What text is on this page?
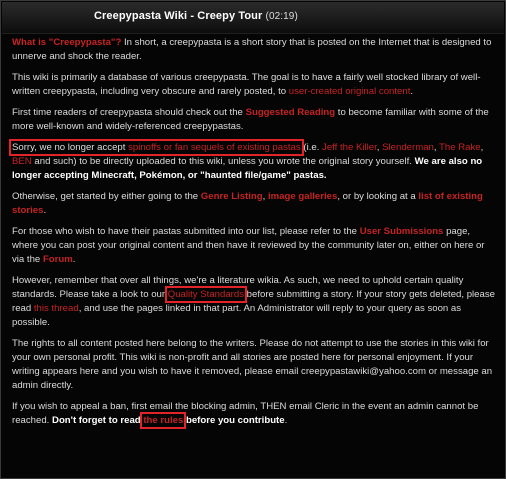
Creepypasta Wiki - Creepy Tour (02:19)

What is "Creepypasta"? In short, a creepypasta is a short story that is posted on the Internet that is designed to unnerve and shock the reader.

This wiki is primarily a database of various creepypasta. The goal is to have a fairly well stocked library of well-written creepypasta, including very obscure and rarely posted, to user-created original content.

First time readers of creepypasta should check out the Suggested Reading to become familiar with some of the more well-known and widely-referenced creepypastas.

Sorry, we no longer accept spinoffs or fan sequels of existing pastas (i.e. Jeff the Killer, Slenderman, The Rake, BEN and such) to be directly uploaded to this wiki, unless you wrote the original story yourself. We are also no longer accepting Minecraft, Pokémon, or "haunted file/game" pastas.

Otherwise, get started by either going to the Genre Listing, image galleries, or by looking at a list of existing stories.

For those who wish to have their pastas submitted into our list, please refer to the User Submissions page, where you can post your original content and then have it reviewed by the community later on, either on here or via the Forum.

However, remember that over all things, we're a literature wikia. As such, we need to uphold certain quality standards. Please take a look to our Quality Standards before submitting a story. If your story gets deleted, please read this thread, and use the pages linked in that part. An Administrator will reply to your query as soon as possible.

The rights to all content posted here belong to the writers. Please do not attempt to use the stories in this wiki for your own personal profit. This wiki is non-profit and all stories are posted here for personal enjoyment. If your writing appears here and you wish to have it removed, please email creepypastawiki@yahoo.com or message an admin directly.

If you wish to appeal a ban, first email the blocking admin, THEN email Cleric in the event an admin cannot be reached. Don't forget to read the rules before you contribute.
